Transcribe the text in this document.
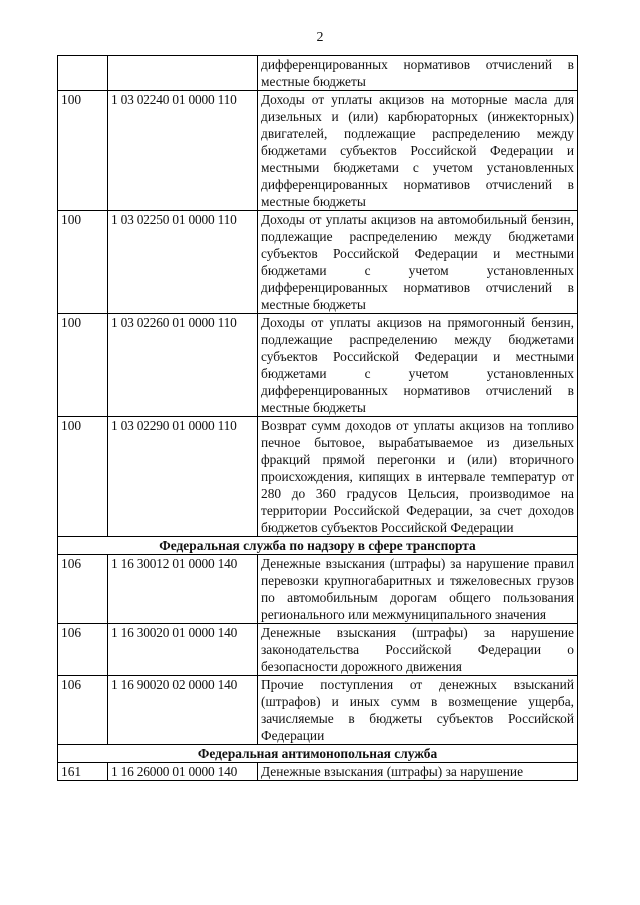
2
		дифференцированных нормативов отчислений в местные бюджеты
100	1 03 02240 01 0000 110	Доходы от уплаты акцизов на моторные масла для дизельных и (или) карбюраторных (инжекторных) двигателей, подлежащие распределению между бюджетами субъектов Российской Федерации и местными бюджетами с учетом установленных дифференцированных нормативов отчислений в местные бюджеты
100	1 03 02250 01 0000 110	Доходы от уплаты акцизов на автомобильный бензин, подлежащие распределению между бюджетами субъектов Российской Федерации и местными бюджетами с учетом установленных дифференцированных нормативов отчислений в местные бюджеты
100	1 03 02260 01 0000 110	Доходы от уплаты акцизов на прямогонный бензин, подлежащие распределению между бюджетами субъектов Российской Федерации и местными бюджетами с учетом установленных дифференцированных нормативов отчислений в местные бюджеты
100	1 03 02290 01 0000 110	Возврат сумм доходов от уплаты акцизов на топливо печное бытовое, вырабатываемое из дизельных фракций прямой перегонки и (или) вторичного происхождения, кипящих в интервале температур от 280 до 360 градусов Цельсия, производимое на территории Российской Федерации, за счет доходов бюджетов субъектов Российской Федерации
Федеральная служба по надзору в сфере транспорта		
106	1 16 30012 01 0000 140	Денежные взыскания (штрафы) за нарушение правил перевозки крупногабаритных и тяжеловесных грузов по автомобильным дорогам общего пользования регионального или межмуниципального значения
106	1 16 30020 01 0000 140	Денежные взыскания (штрафы) за нарушение законодательства Российской Федерации о безопасности дорожного движения
106	1 16 90020 02 0000 140	Прочие поступления от денежных взысканий (штрафов) и иных сумм в возмещение ущерба, зачисляемые в бюджеты субъектов Российской Федерации
Федеральная антимонопольная служба		
161	1 16 26000 01 0000 140	Денежные взыскания (штрафы) за нарушение
